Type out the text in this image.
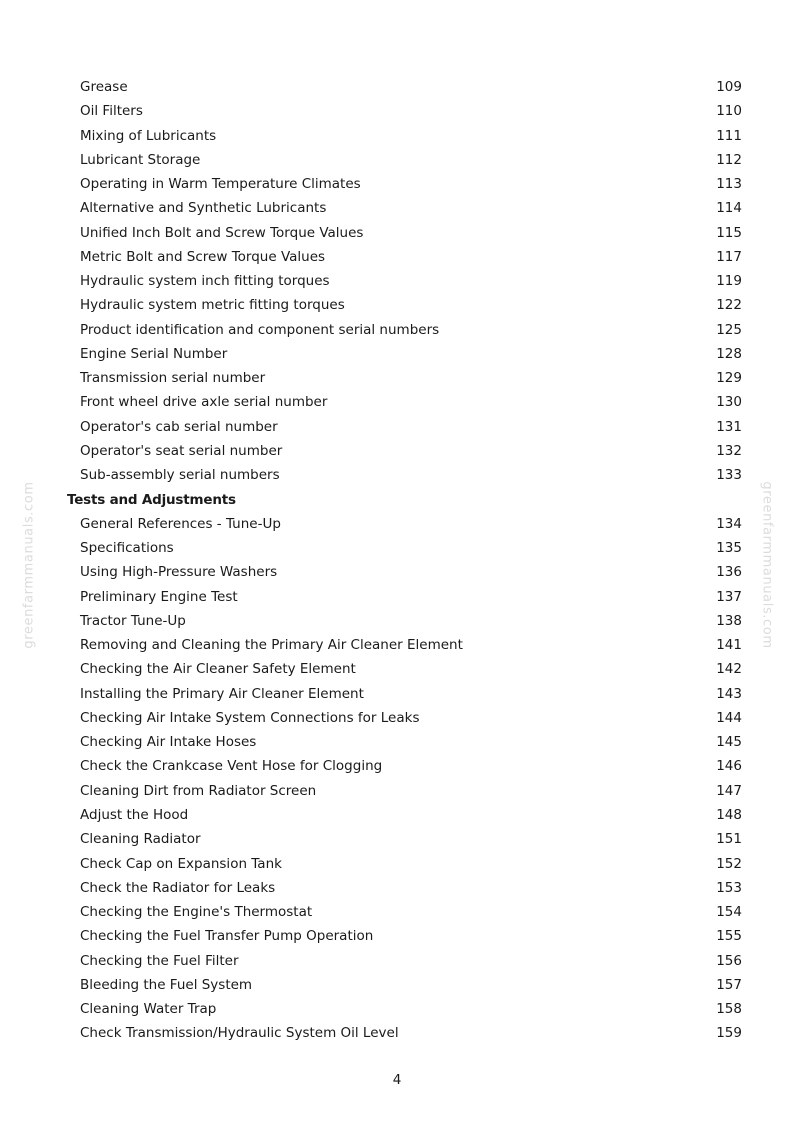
greenfarmmanuals.com	greenfarmmanuals.com
Grease	109
Oil Filters	110
Mixing of Lubricants	111
Lubricant Storage	112
Operating in Warm Temperature Climates	113
Alternative and Synthetic Lubricants	114
Unified Inch Bolt and Screw Torque Values	115
Metric Bolt and Screw Torque Values	117
Hydraulic system inch fitting torques	119
Hydraulic system metric fitting torques	122
Product identification and component serial numbers	125
Engine Serial Number	128
Transmission serial number	129
Front wheel drive axle serial number	130
Operator's cab serial number	131
Operator's seat serial number	132
Sub-assembly serial numbers	133
Tests and Adjustments
General References - Tune-Up	134
Specifications	135
Using High-Pressure Washers	136
Preliminary Engine Test	137
Tractor Tune-Up	138
Removing and Cleaning the Primary Air Cleaner Element	141
Checking the Air Cleaner Safety Element	142
Installing the Primary Air Cleaner Element	143
Checking Air Intake System Connections for Leaks	144
Checking Air Intake Hoses	145
Check the Crankcase Vent Hose for Clogging	146
Cleaning Dirt from Radiator Screen	147
Adjust the Hood	148
Cleaning Radiator	151
Check Cap on Expansion Tank	152
Check the Radiator for Leaks	153
Checking the Engine's Thermostat	154
Checking the Fuel Transfer Pump Operation	155
Checking the Fuel Filter	156
Bleeding the Fuel System	157
Cleaning Water Trap	158
Check Transmission/Hydraulic System Oil Level	159
4
